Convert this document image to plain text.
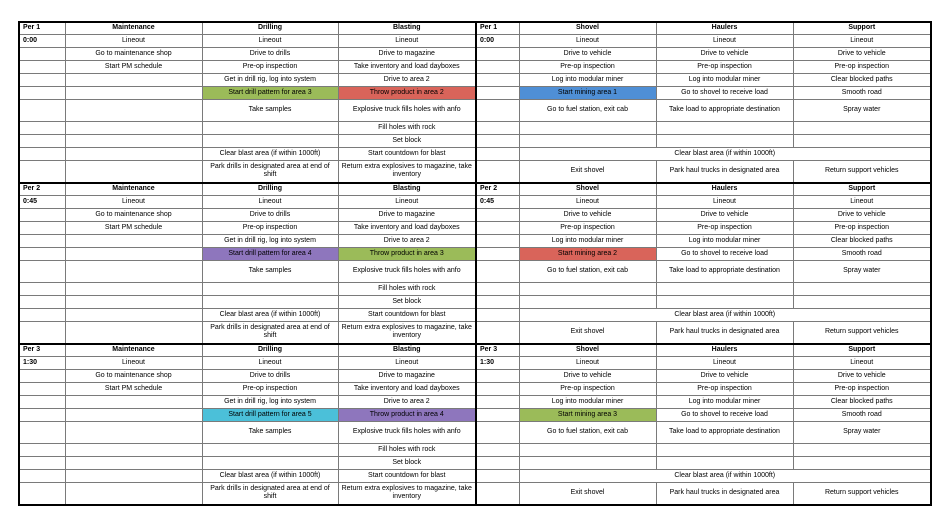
Per 1	Maintenance	Drilling	Blasting	Per 1	Shovel	Haulers	Support
0:00	Lineout	Lineout	Lineout	0:00	Lineout	Lineout	Lineout
	Go to maintenance shop	Drive to drills	Drive to magazine		Drive to vehicle	Drive to vehicle	Drive to vehicle
	Start PM schedule	Pre-op inspection	Take inventory and load dayboxes		Pre-op inspection	Pre-op inspection	Pre-op inspection
		Get in drill rig, log into system	Drive to area 2		Log into modular miner	Log into modular miner	Clear blocked paths
		Start drill pattern for area 3	Throw product in area 2		Start mining area 1	Go to shovel to receive load	Smooth road
		Take samples	Explosive truck fills holes with anfo		Go to fuel station, exit cab	Take load to appropriate destination	Spray water
			Fill holes with rock				
			Set block				
		Clear blast area (if within 1000ft)	Start countdown for blast		Clear blast area (if within 1000ft)		
		Park drills in designated area at end of shift	Return extra explosives to magazine, take inventory		Exit shovel	Park haul trucks in designated area	Return support vehicles
Per 2	Maintenance	Drilling	Blasting	Per 2	Shovel	Haulers	Support
0:45	Lineout	Lineout	Lineout	0:45	Lineout	Lineout	Lineout
	Go to maintenance shop	Drive to drills	Drive to magazine		Drive to vehicle	Drive to vehicle	Drive to vehicle
	Start PM schedule	Pre-op inspection	Take inventory and load dayboxes		Pre-op inspection	Pre-op inspection	Pre-op inspection
		Get in drill rig, log into system	Drive to area 2		Log into modular miner	Log into modular miner	Clear blocked paths
		Start drill pattern for area 4	Throw product in area 3		Start mining area 2	Go to shovel to receive load	Smooth road
		Take samples	Explosive truck fills holes with anfo		Go to fuel station, exit cab	Take load to appropriate destination	Spray water
			Fill holes with rock				
			Set block				
		Clear blast area (if within 1000ft)	Start countdown for blast		Clear blast area (if within 1000ft)		
		Park drills in designated area at end of shift	Return extra explosives to magazine, take inventory		Exit shovel	Park haul trucks in designated area	Return support vehicles
Per 3	Maintenance	Drilling	Blasting	Per 3	Shovel	Haulers	Support
1:30	Lineout	Lineout	Lineout	1:30	Lineout	Lineout	Lineout
	Go to maintenance shop	Drive to drills	Drive to magazine		Drive to vehicle	Drive to vehicle	Drive to vehicle
	Start PM schedule	Pre-op inspection	Take inventory and load dayboxes		Pre-op inspection	Pre-op inspection	Pre-op inspection
		Get in drill rig, log into system	Drive to area 2		Log into modular miner	Log into modular miner	Clear blocked paths
		Start drill pattern for area 5	Throw product in area 4		Start mining area 3	Go to shovel to receive load	Smooth road
		Take samples	Explosive truck fills holes with anfo		Go to fuel station, exit cab	Take load to appropriate destination	Spray water
			Fill holes with rock				
			Set block				
		Clear blast area (if within 1000ft)	Start countdown for blast		Clear blast area (if within 1000ft)		
		Park drills in designated area at end of shift	Return extra explosives to magazine, take inventory		Exit shovel	Park haul trucks in designated area	Return support vehicles
